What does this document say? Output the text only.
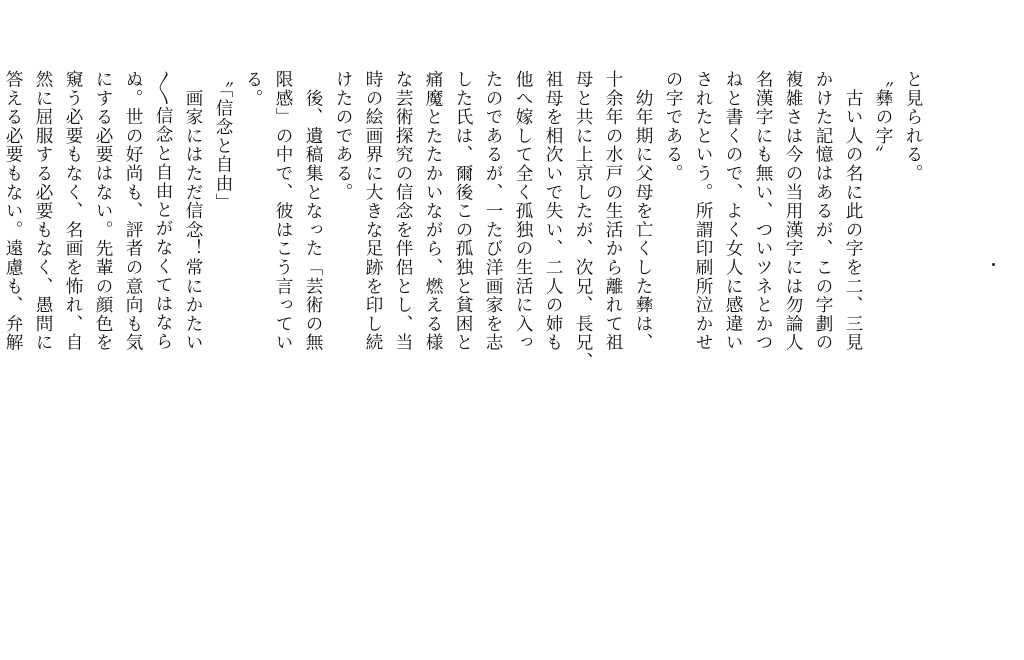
と見られる。
〝彝の字〟
　古い人の名に此の字を二、三見
かけた記憶はあるが、この字劃の
複雑さは今の当用漢字には勿論人
名漢字にも無い、ついツネとかつ
ねと書くので、よく女人に感違い
されたという。所謂印刷所泣かせ
の字である。
　幼年期に父母を亡くした彝は、
十余年の水戸の生活から離れて祖
母と共に上京したが、次兄、長兄、
祖母を相次いで失い、二人の姉も
他へ嫁して全く孤独の生活に入っ
たのであるが、一たび洋画家を志
した氏は、爾後この孤独と貧困と
痛魔とたたかいながら、燃える様
な芸術探究の信念を伴侶とし、当
時の絵画界に大きな足跡を印し続
けたのである。
　後、遺稿集となった「芸術の無
限感」の中で、彼はこう言ってい
る。
〝「信念と自由」
　画家にはただ信念！常にかたい
〳〵信念と自由とがなくてはなら
ぬ。世の好尚も、評者の意向も気
にする必要はない。先輩の顔色を
窺う必要もなく、名画を怖れ、自
然に屈服する必要もなく、愚問に
答える必要もない。遠慮も、弁解
